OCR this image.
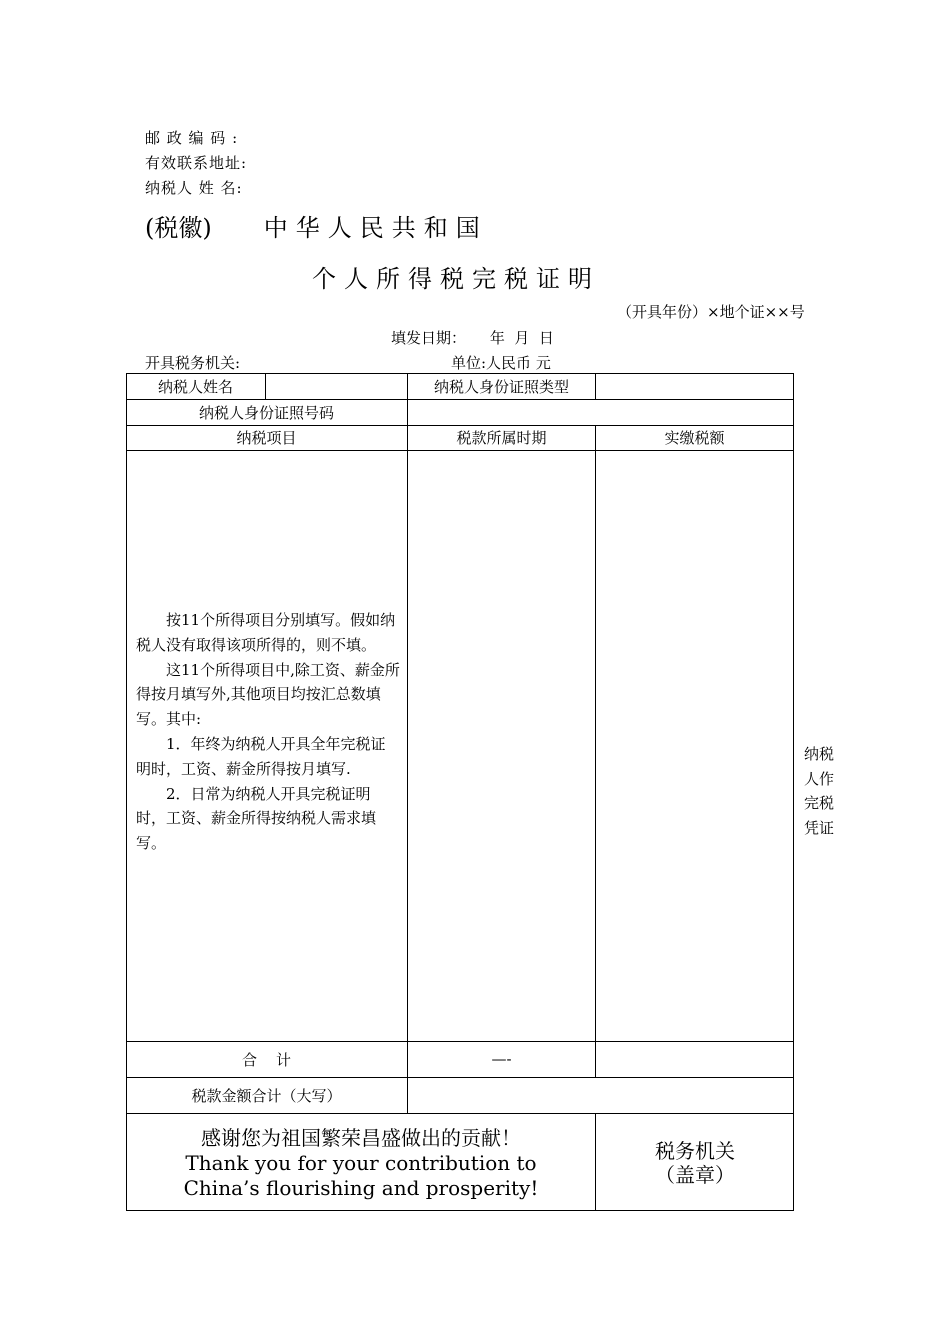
邮 政 编 码 :
有效联系地址:
纳税人 姓 名:
(税徽) 中华人民共和国
个人所得税完税证明
（开具年份）×地个证××号
填发日期：     年  月  日
开具税务机关:	单位:人民币 元
纳税人姓名	纳税人身份证照类型
纳税人身份证照号码
纳税项目	税款所属时期	实缴税额

按11个所得项目分别填写。假如纳税人没有取得该项所得的，则不填。

这11个所得项目中,除工资、薪金所得按月填写外,其他项目均按汇总数填写。其中:

1．年终为纳税人开具全年完税证明时，工资、薪金所得按月填写.

2．日常为纳税人开具完税证明时，工资、薪金所得按纳税人需求填写。

合    计	—-
税款金额合计（大写）
感谢您为祖国繁荣昌盛做出的贡献！
Thank you for your contribution to China’s flourishing and prosperity!
税务机关
（盖章）
纳税人作完税凭证
